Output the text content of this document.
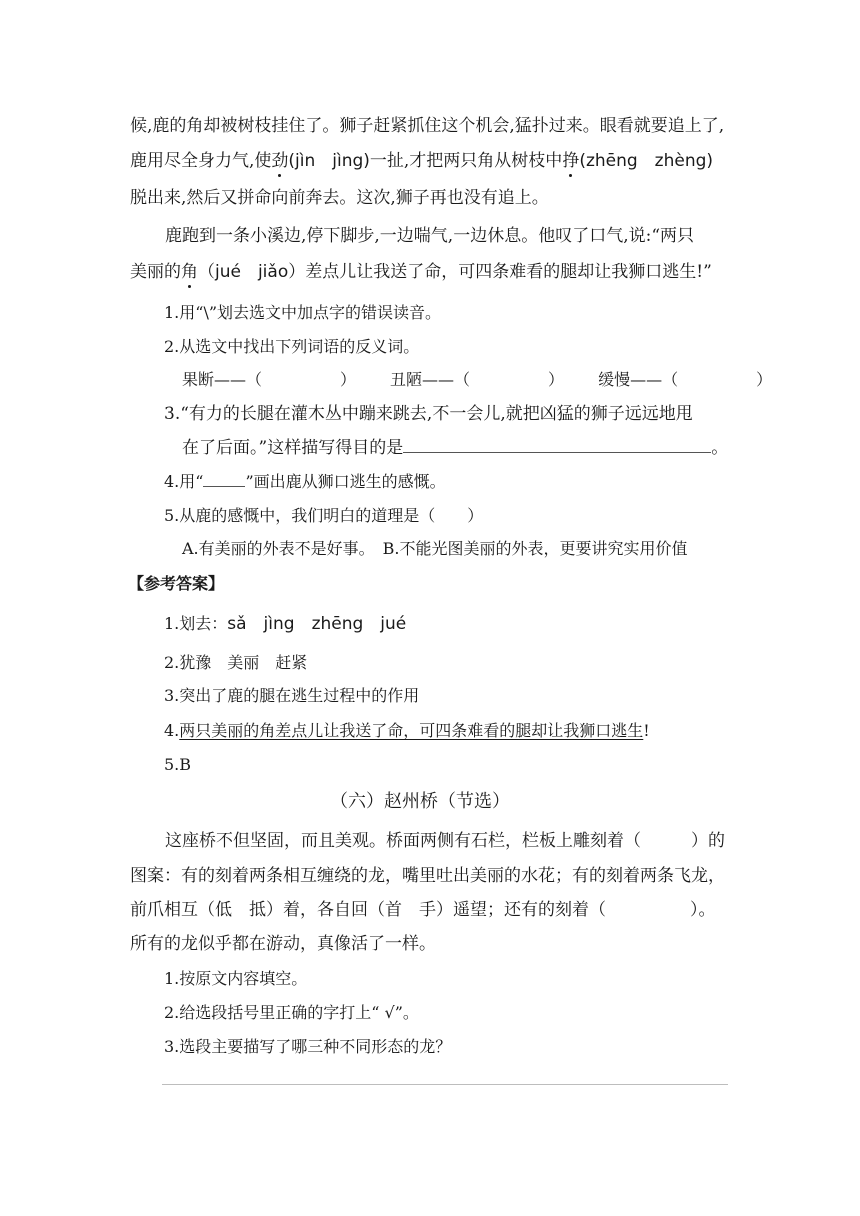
候,鹿的角却被树枝挂住了。狮子赶紧抓住这个机会,猛扑过来。眼看就要追上了,
鹿用尽全身力气,使劲(jìn　jìng)一扯,才把两只角从树枝中挣(zhēng　zhèng)
脱出来,然后又拼命向前奔去。这次,狮子再也没有追上。
鹿跑到一条小溪边,停下脚步,一边喘气,一边休息。他叹了口气,说:“两只
美丽的角（jué　jiǎo）差点儿让我送了命，可四条难看的腿却让我狮口逃生!”
1.用“\”划去选文中加点字的错误读音。
2.从选文中找出下列词语的反义词。
果断——（	） 丑陋——（	） 缓慢——（	）
3.“有力的长腿在灌木丛中蹦来跳去,不一会儿,就把凶猛的狮子远远地甩
在了后面。”这样描写得目的是	。
4.用“	”画出鹿从狮口逃生的感慨。
5.从鹿的感慨中，我们明白的道理是（　　）
A.有美丽的外表不是好事。　B.不能光图美丽的外表，更要讲究实用价值
【参考答案】
1.划去：sǎ　jìng　zhēng　jué
2.犹豫　美丽　赶紧
3.突出了鹿的腿在逃生过程中的作用
4.两只美丽的角差点儿让我送了命，可四条难看的腿却让我狮口逃生!
5.B
（六）赵州桥（节选）
这座桥不但坚固，而且美观。桥面两侧有石栏，栏板上雕刻着（	）的
图案：有的刻着两条相互缠绕的龙，嘴里吐出美丽的水花；有的刻着两条飞龙，
前爪相互（低　抵）着，各自回（首　手）遥望；还有的刻着（	）。
所有的龙似乎都在游动，真像活了一样。
1.按原文内容填空。
2.给选段括号里正确的字打上“ √”。
3.选段主要描写了哪三种不同形态的龙？
